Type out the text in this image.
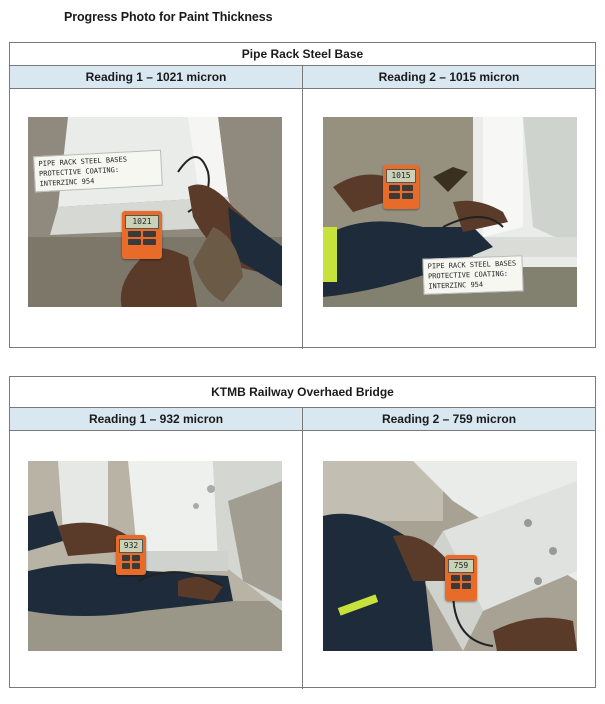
Progress Photo for Paint Thickness
Pipe Rack Steel Base
Reading 1 – 1021 micron	Reading 2 – 1015 micron
PIPE RACK STEEL BASES
PROTECTIVE COATING: INTERZINC 954
1021
PIPE RACK STEEL BASES
PROTECTIVE COATING: INTERZINC 954
1015
KTMB Railway Overhaed Bridge
Reading 1 – 932 micron	Reading 2 – 759 micron
932
759
